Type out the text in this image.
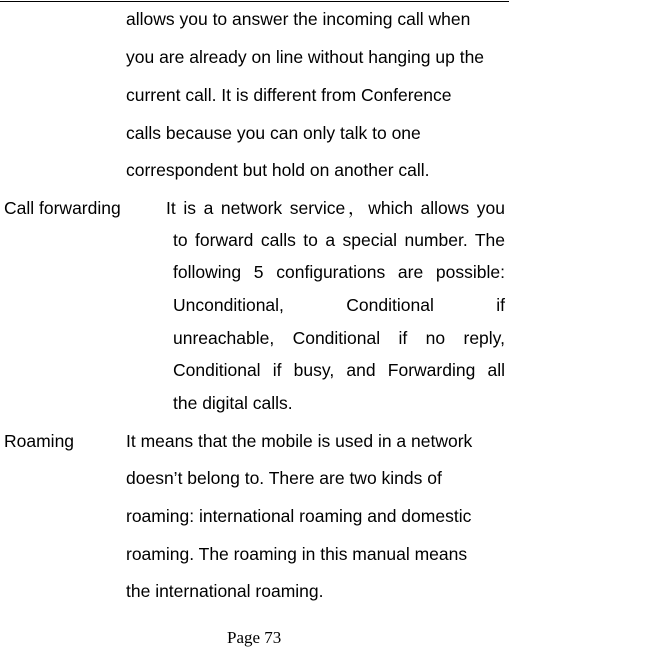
allows you to answer the incoming call when
you are already on line without hanging up the
current call. It is different from Conference
calls because you can only talk to one
correspondent but hold on another call.
Call forwarding	It is a network service，which allows you
to forward calls to a special number. The
following 5 configurations are possible:
Unconditional, Conditional if
unreachable, Conditional if no reply,
Conditional if busy, and Forwarding all
the digital calls.
Roaming	It means that the mobile is used in a network
doesn’t belong to. There are two kinds of
roaming: international roaming and domestic
roaming. The roaming in this manual means
the international roaming.
Page 73
